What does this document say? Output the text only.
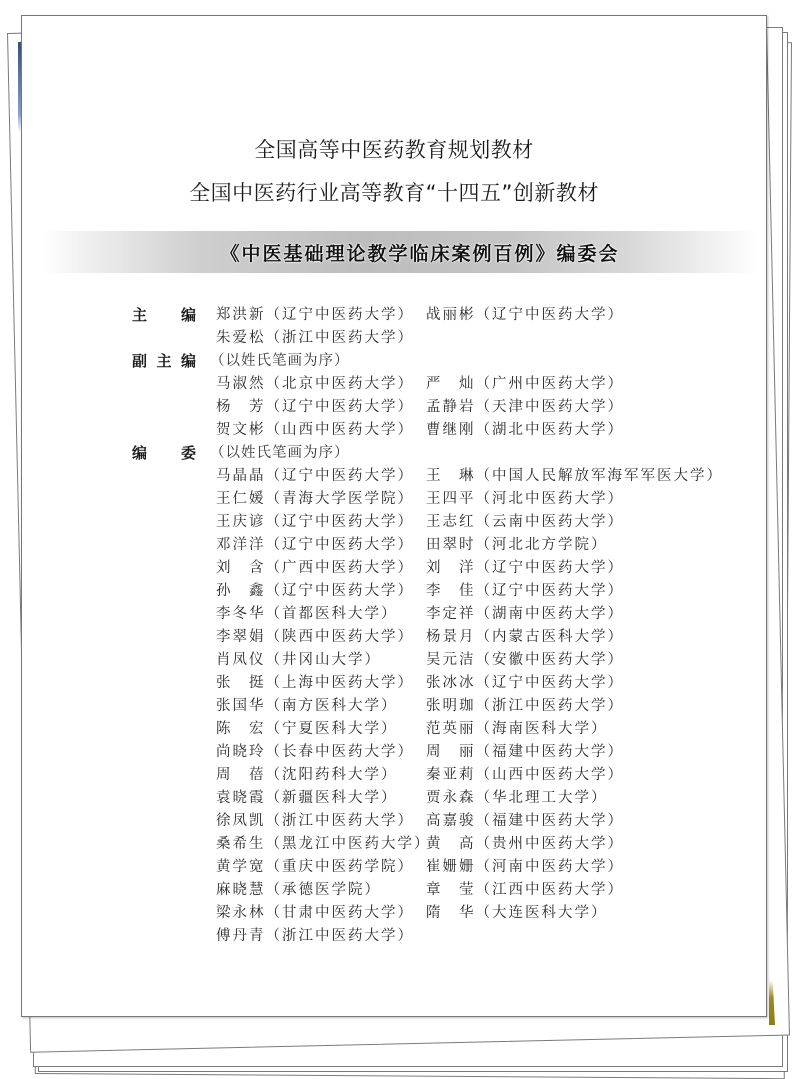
全国高等中医药教育规划教材
全国中医药行业高等教育“十四五”创新教材
《中医基础理论教学临床案例百例》编委会
主 编 郑洪新（辽宁中医药大学） 战丽彬（辽宁中医药大学）
朱爱松（浙江中医药大学）
副 主 编 （以姓氏笔画为序）
马淑然（北京中医药大学） 严　灿（广州中医药大学）
杨　芳（辽宁中医药大学） 孟静岩（天津中医药大学）
贺文彬（山西中医药大学） 曹继刚（湖北中医药大学）
编 委 （以姓氏笔画为序）
马晶晶（辽宁中医药大学） 王　琳（中国人民解放军海军军医大学）
王仁媛（青海大学医学院） 王四平（河北中医药大学）
王庆谚（辽宁中医药大学） 王志红（云南中医药大学）
邓洋洋（辽宁中医药大学） 田翠时（河北北方学院）
刘　含（广西中医药大学） 刘　洋（辽宁中医药大学）
孙　鑫（辽宁中医药大学） 李　佳（辽宁中医药大学）
李冬华（首都医科大学） 李定祥（湖南中医药大学）
李翠娟（陕西中医药大学） 杨景月（内蒙古医科大学）
肖凤仪（井冈山大学）	吴元洁（安徽中医药大学）
张　挺（上海中医药大学） 张冰冰（辽宁中医药大学）
张国华（南方医科大学） 张明珈（浙江中医药大学）
陈　宏（宁夏医科大学） 范英丽（海南医科大学）
尚晓玲（长春中医药大学） 周　丽（福建中医药大学）
周　蓓（沈阳药科大学） 秦亚莉（山西中医药大学）
袁晓霞（新疆医科大学） 贾永森（华北理工大学）
徐凤凯（浙江中医药大学） 高嘉骏（福建中医药大学）
桑希生（黑龙江中医药大学）
黄　高（贵州中医药大学）
黄学宽（重庆中医药学院） 崔姗姗（河南中医药大学）
麻晓慧（承德医学院）	章　莹（江西中医药大学）
梁永林（甘肃中医药大学） 隋　华（大连医科大学）
傅丹青（浙江中医药大学）
